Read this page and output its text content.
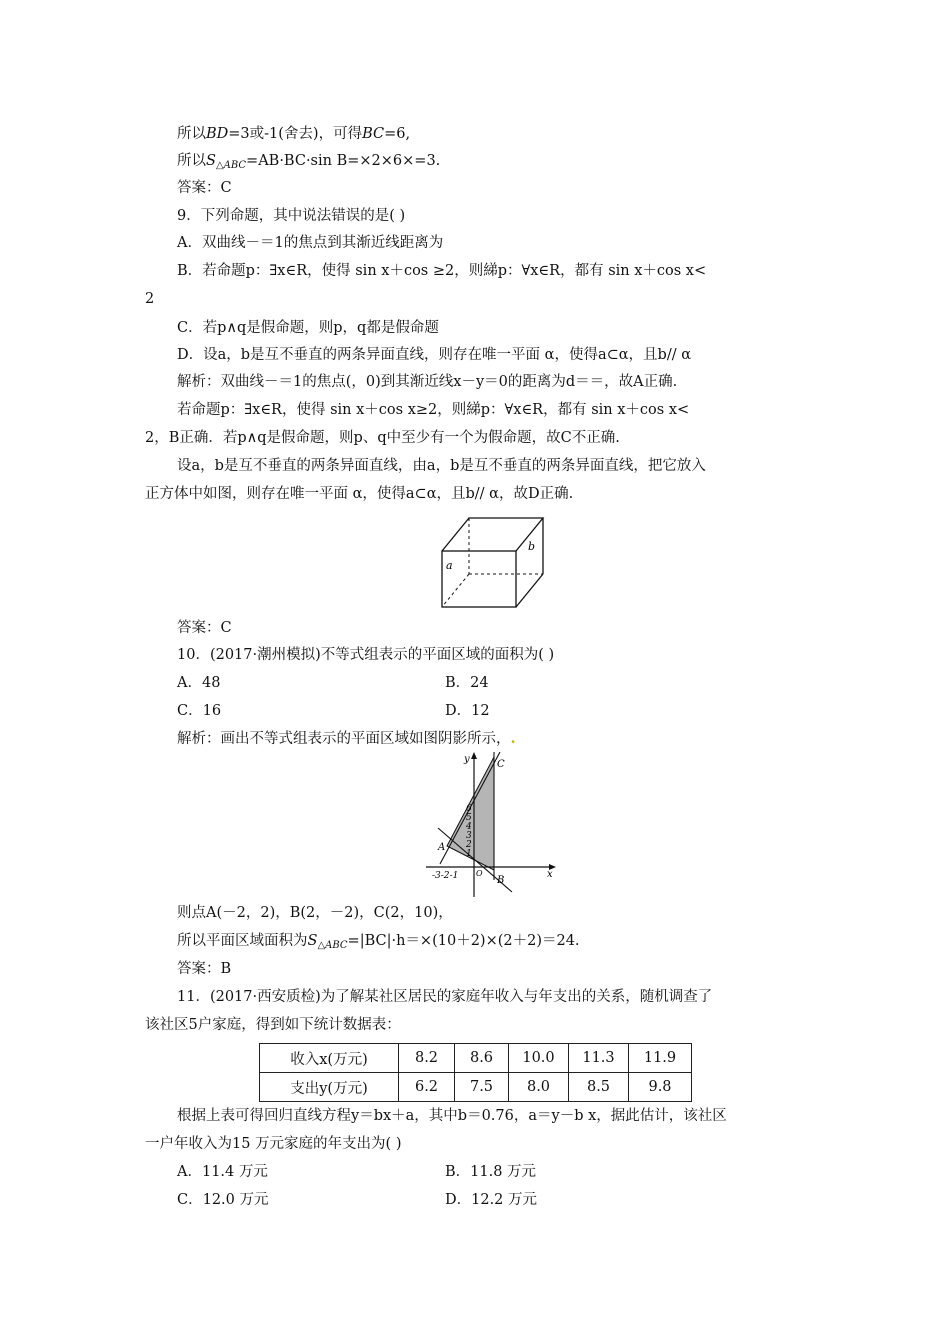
所以BD=3或-1(舍去)，可得BC=6,
所以$S_{\triangle ABC}=AB\cdot BC\cdot\sin$ B=×2×6×=3.
答案：C
9．下列命题，其中说法错误的是( )
A．双曲线－＝1的焦点到其渐近线距离为
B．若命题p：∃x∈R，使得 sin x＋cos ≥2，则綈p：∀x∈R，都有 sin x＋cos x<
2
C．若p∧q是假命题，则p，q都是假命题
D．设a，b是互不垂直的两条异面直线，则存在唯一平面 α，使得a⊂α，且b// α
解析：双曲线－＝1的焦点(，0)到其渐近线x－y＝0的距离为d＝＝，故A正确.
若命题p：∃x∈R，使得 sin x＋cos x≥2，则綈p：∀x∈R，都有 sin x＋cos x<
2，B正确．若p∧q是假命题，则p、q中至少有一个为假命题，故C不正确.
设a，b是互不垂直的两条异面直线，由a，b是互不垂直的两条异面直线，把它放入
正方体中如图，则存在唯一平面 α，使得a⊂α，且b// α，故D正确.
a
b
答案：C
10．(2017·潮州模拟)不等式组表示的平面区域的面积为( )
A．48	B．24
C．16	D．12
解析：画出不等式组表示的平面区域如图阴影所示，.
y
x
6
5
4
3
2
1
-3-2-1 O
A
B
C
则点A(－2，2)，B(2，－2)，C(2，10)，
所以平面区域面积为$S_{\triangle ABC}=|BC|\cdot h=\times(10+2)\times(2+2)=24$.
答案：B
11．(2017·西安质检)为了解某社区居民的家庭年收入与年支出的关系，随机调查了
该社区5户家庭，得到如下统计数据表：
收入x(万元)	8.2	8.6	10.0	11.3	11.9
支出y(万元)	6.2	7.5	8.0	8.5	9.8
根据上表可得回归直线方程y＝bx＋a，其中b＝0.76，a＝y－b x，据此估计，该社区
一户年收入为15 万元家庭的年支出为( )
A．11.4 万元	B．11.8 万元
C．12.0 万元	D．12.2 万元
